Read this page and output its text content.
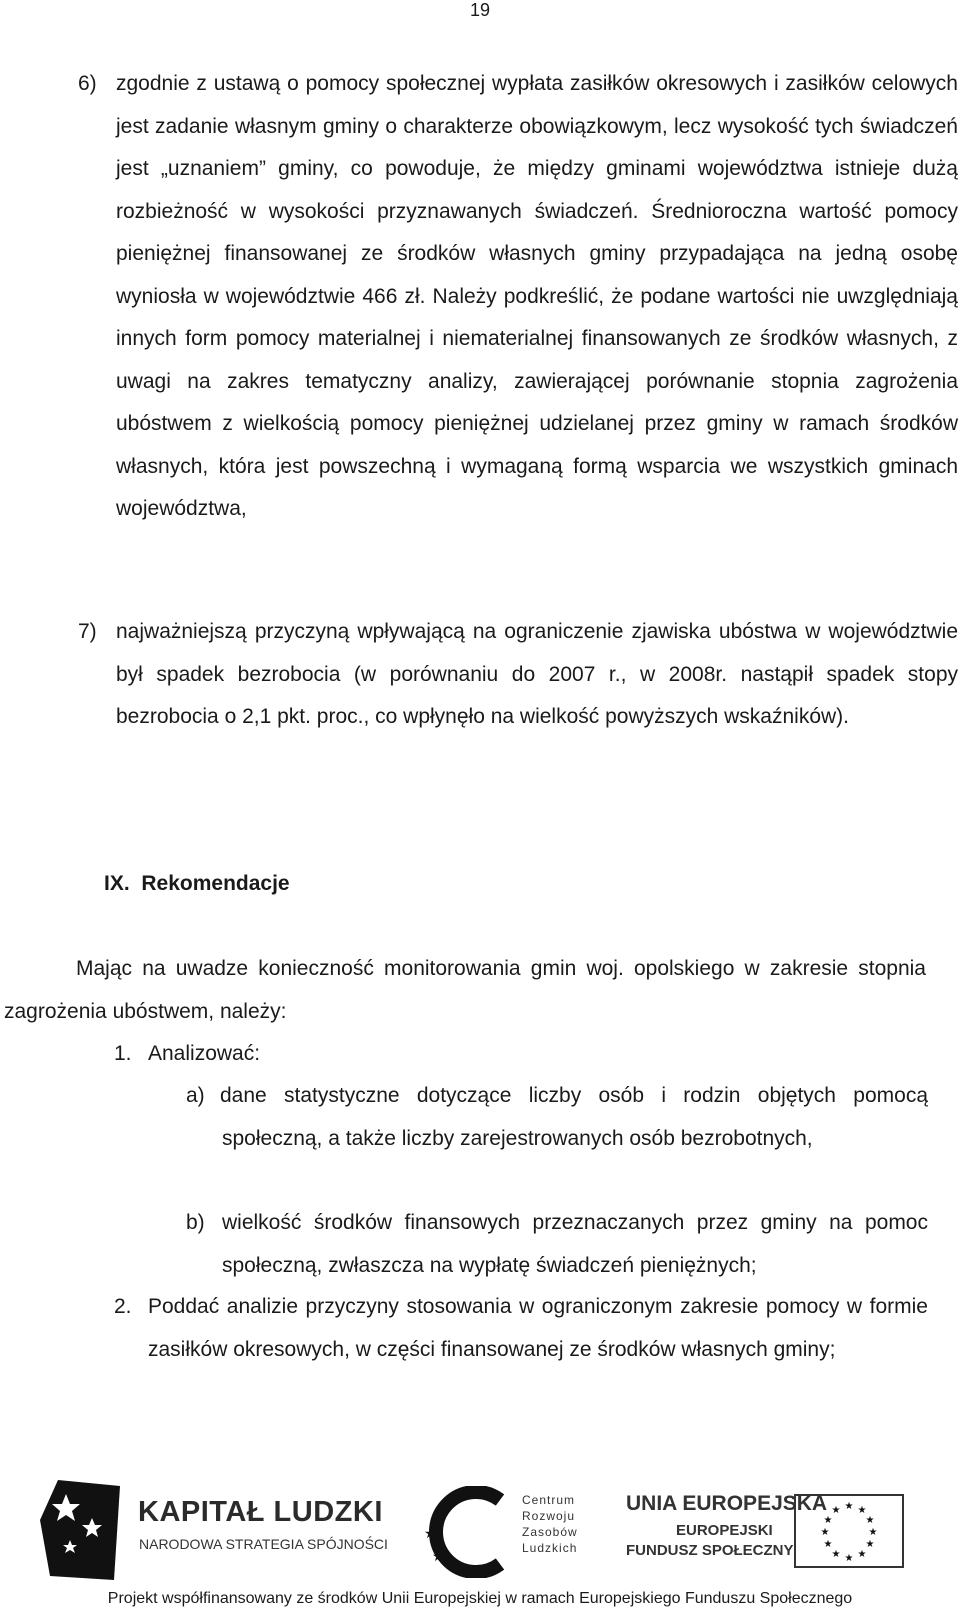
19
6) zgodnie z ustawą o pomocy społecznej wypłata zasiłków okresowych i zasiłków celowych jest zadanie własnym gminy o charakterze obowiązkowym, lecz wysokość tych świadczeń jest „uznaniem” gminy, co powoduje, że między gminami województwa istnieje dużą rozbieżność w wysokości przyznawanych świadczeń. Średnioroczna wartość pomocy pieniężnej finansowanej ze środków własnych gminy przypadająca na jedną osobę wyniosła w województwie 466 zł. Należy podkreślić, że podane wartości nie uwzględniają innych form pomocy materialnej i niematerialnej finansowanych ze środków własnych, z uwagi na zakres tematyczny analizy, zawierającej porównanie stopnia zagrożenia ubóstwem z wielkością pomocy pieniężnej udzielanej przez gminy w ramach środków własnych, która jest powszechną i wymaganą formą wsparcia we wszystkich gminach województwa,
7) najważniejszą przyczyną wpływającą na ograniczenie zjawiska ubóstwa w województwie był spadek bezrobocia (w porównaniu do 2007 r., w 2008r. nastąpił spadek stopy bezrobocia o 2,1 pkt. proc., co wpłynęło na wielkość powyższych wskaźników).
IX. Rekomendacje
Mając na uwadze konieczność monitorowania gmin woj. opolskiego w zakresie stopnia zagrożenia ubóstwem, należy:
1. Analizować:
a) dane statystyczne dotyczące liczby osób i rodzin objętych pomocą społeczną, a także liczby zarejestrowanych osób bezrobotnych,
b) wielkość środków finansowych przeznaczanych przez gminy na pomoc społeczną, zwłaszcza na wypłatę świadczeń pieniężnych;
2. Poddać analizie przyczyny stosowania w ograniczonym zakresie pomocy w formie zasiłków okresowych, w części finansowanej ze środków własnych gminy;
KAPITAŁ LUDZKI
NARODOWA STRATEGIA SPÓJNOŚCI
★
★
★
★
★
Centrum
Rozwoju
Zasobów
Ludzkich
UNIA EUROPEJSKA
EUROPEJSKI
FUNDUSZ SPOŁECZNY
★ ★
★
★
★
★
★
★
★
★
★
★
Projekt współfinansowany ze środków Unii Europejskiej w ramach Europejskiego Funduszu Społecznego
